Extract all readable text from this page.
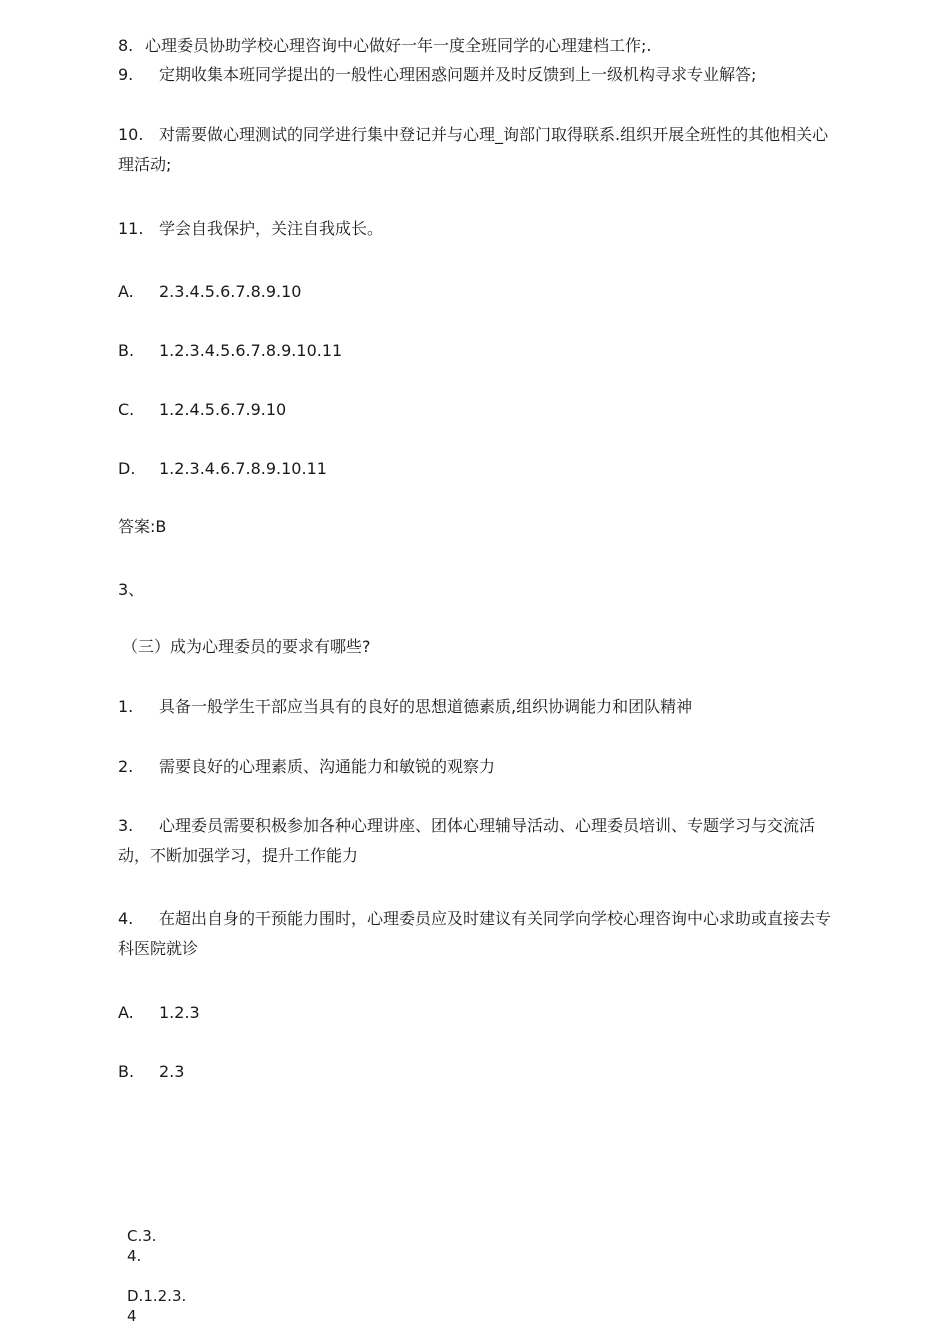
8. 心理委员协助学校心理咨询中心做好一年一度全班同学的心理建档工作;.
9. 定期收集本班同学提出的一般性心理困惑问题并及时反馈到上一级机构寻求专业解答;
10. 对需要做心理测试的同学进行集中登记并与心理_询部门取得联系.组织开展全班性的其他相关心理活动;
11. 学会自我保护，关注自我成长。
A. 2.3.4.5.6.7.8.9.10
B. 1.2.3.4.5.6.7.8.9.10.11
C. 1.2.4.5.6.7.9.10
D. 1.2.3.4.6.7.8.9.10.11
答案:B
3、
（三）成为心理委员的要求有哪些?
1. 具备一般学生干部应当具有的良好的思想道德素质,组织协调能力和团队精神
2. 需要良好的心理素质、沟通能力和敏锐的观察力
3. 心理委员需要积极参加各种心理讲座、团体心理辅导活动、心理委员培训、专题学习与交流活动，不断加强学习，提升工作能力
4. 在超出自身的干预能力围时，心理委员应及时建议有关同学向学校心理咨询中心求助或直接去专科医院就诊
A. 1.2.3
B. 2.3
C.3.
4.
D.1.2.3.
4
